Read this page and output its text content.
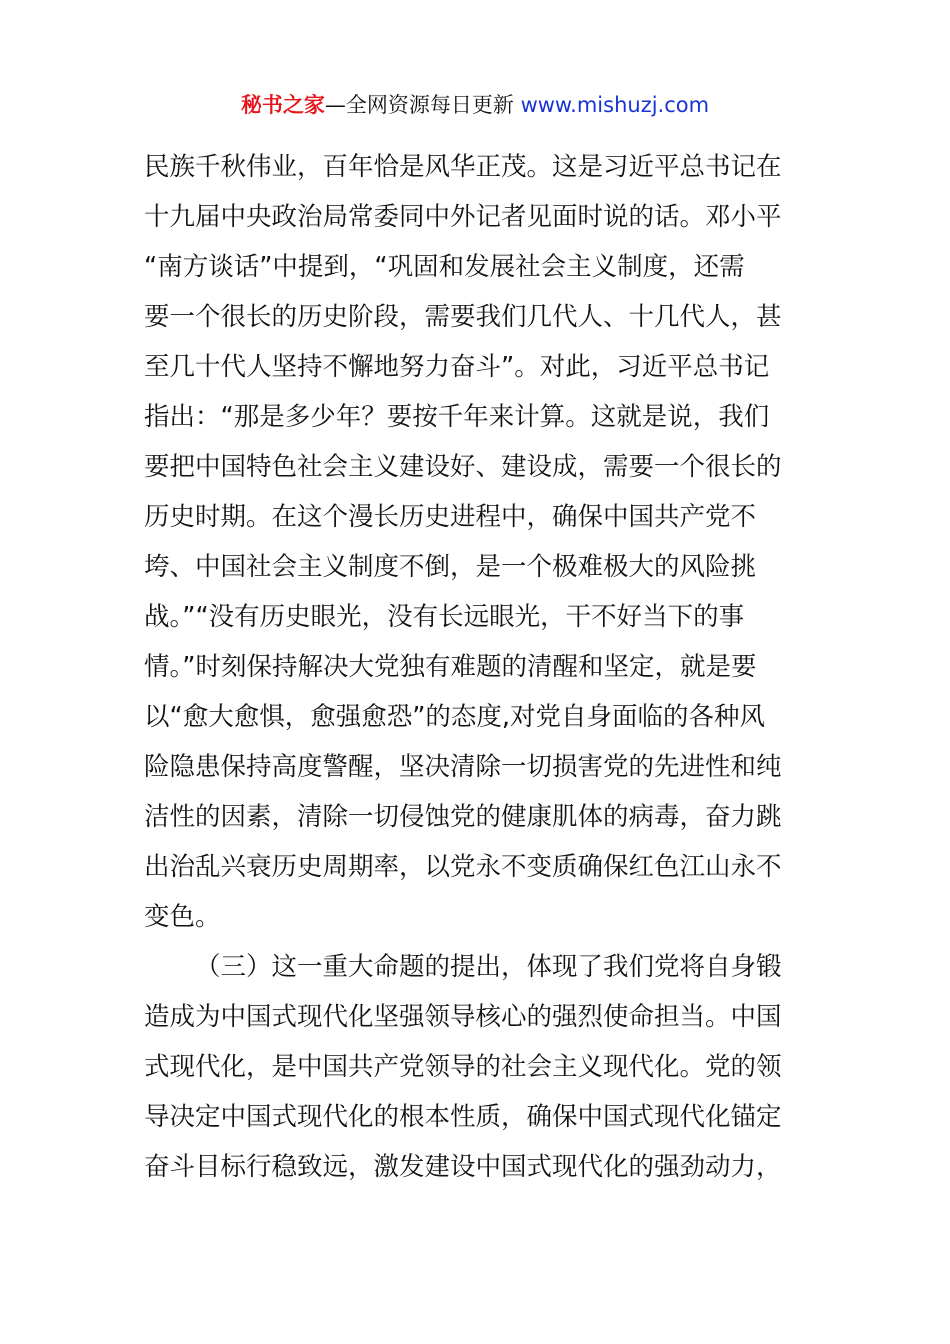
秘书之家—全网资源每日更新 www.mishuzj.com
民族千秋伟业，百年恰是风华正茂。这是习近平总书记在
十九届中央政治局常委同中外记者见面时说的话。邓小平
“南方谈话”中提到，“巩固和发展社会主义制度，还需
要一个很长的历史阶段，需要我们几代人、十几代人，甚
至几十代人坚持不懈地努力奋斗”。对此，习近平总书记
指出：“那是多少年？要按千年来计算。这就是说，我们
要把中国特色社会主义建设好、建设成，需要一个很长的
历史时期。在这个漫长历史进程中，确保中国共产党不
垮、中国社会主义制度不倒，是一个极难极大的风险挑
战。”“没有历史眼光，没有长远眼光，干不好当下的事
情。”时刻保持解决大党独有难题的清醒和坚定，就是要
以“愈大愈惧，愈强愈恐”的态度,对党自身面临的各种风
险隐患保持高度警醒，坚决清除一切损害党的先进性和纯
洁性的因素，清除一切侵蚀党的健康肌体的病毒，奋力跳
出治乱兴衰历史周期率，以党永不变质确保红色江山永不
变色。
（三）这一重大命题的提出，体现了我们党将自身锻
造成为中国式现代化坚强领导核心的强烈使命担当。中国
式现代化，是中国共产党领导的社会主义现代化。党的领
导决定中国式现代化的根本性质，确保中国式现代化锚定
奋斗目标行稳致远，激发建设中国式现代化的强劲动力，
